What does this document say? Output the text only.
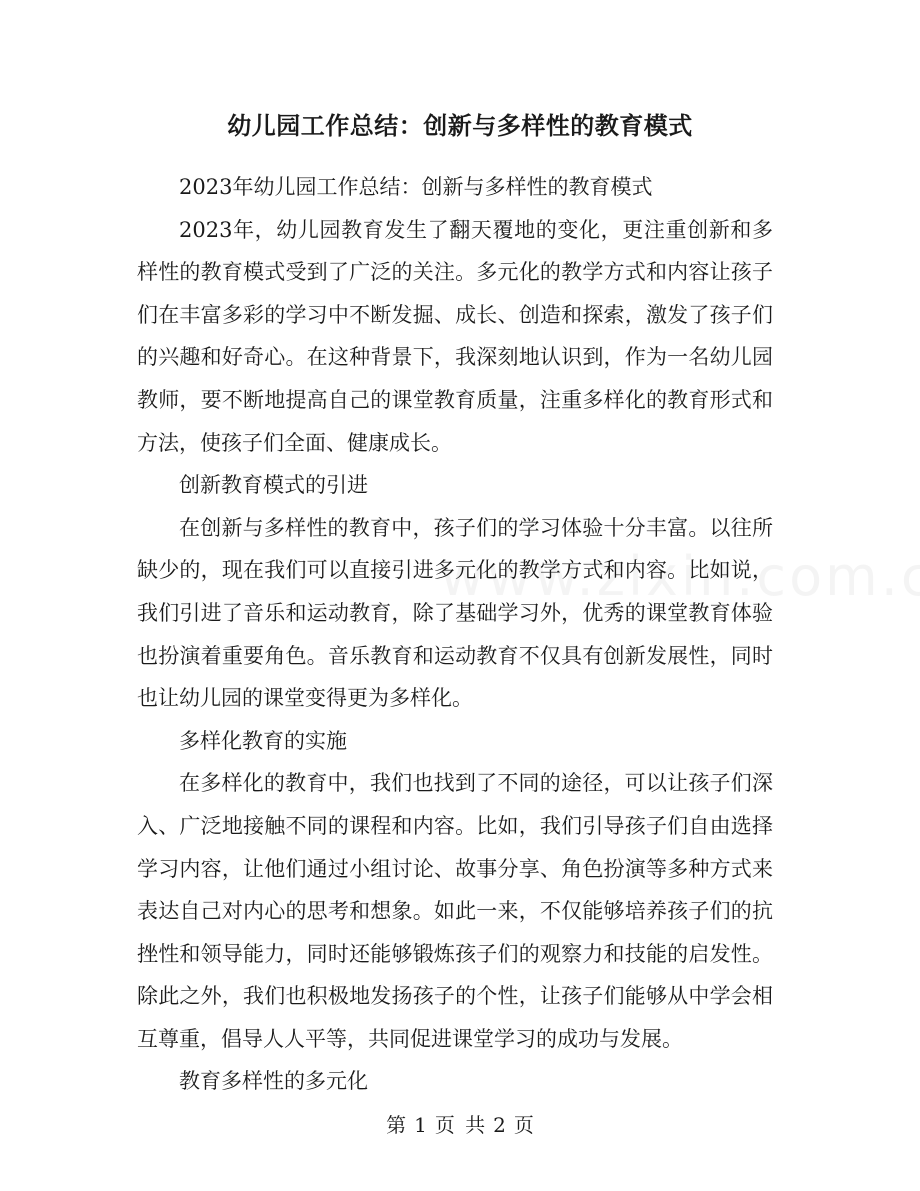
幼儿园工作总结：创新与多样性的教育模式

2023年幼儿园工作总结：创新与多样性的教育模式

2023年，幼儿园教育发生了翻天覆地的变化，更注重创新和多样性的教育模式受到了广泛的关注。多元化的教学方式和内容让孩子们在丰富多彩的学习中不断发掘、成长、创造和探索，激发了孩子们的兴趣和好奇心。在这种背景下，我深刻地认识到，作为一名幼儿园教师，要不断地提高自己的课堂教育质量，注重多样化的教育形式和方法，使孩子们全面、健康成长。

创新教育模式的引进

在创新与多样性的教育中，孩子们的学习体验十分丰富。以往所缺少的，现在我们可以直接引进多元化的教学方式和内容。比如说，我们引进了音乐和运动教育，除了基础学习外，优秀的课堂教育体验也扮演着重要角色。音乐教育和运动教育不仅具有创新发展性，同时也让幼儿园的课堂变得更为多样化。

多样化教育的实施

在多样化的教育中，我们也找到了不同的途径，可以让孩子们深入、广泛地接触不同的课程和内容。比如，我们引导孩子们自由选择学习内容，让他们通过小组讨论、故事分享、角色扮演等多种方式来表达自己对内心的思考和想象。如此一来，不仅能够培养孩子们的抗挫性和领导能力，同时还能够锻炼孩子们的观察力和技能的启发性。除此之外，我们也积极地发扬孩子的个性，让孩子们能够从中学会相互尊重，倡导人人平等，共同促进课堂学习的成功与发展。

教育多样性的多元化

第 1 页 共 2 页
